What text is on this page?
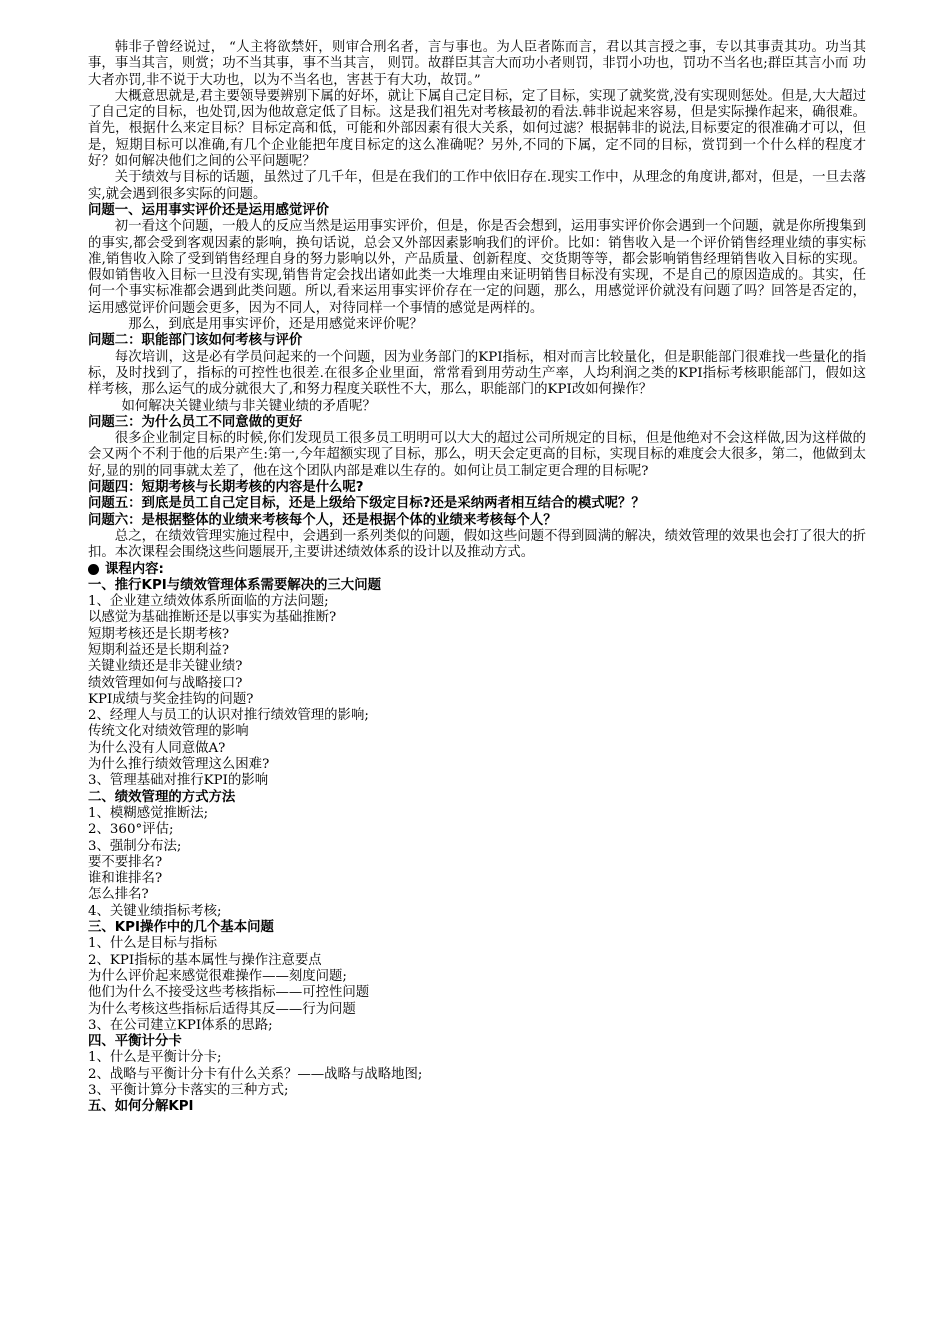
韩非子曾经说过， “人主将欲禁奸，则审合刑名者，言与事也。为人臣者陈而言，君以其言授之事，专以其事责其功。功当其事，事当其言，则赏；功不当其事，事不当其言， 则罚。故群臣其言大而功小者则罚，非罚小功也，罚功不当名也;群臣其言小而 功大者亦罚,非不说于大功也，以为不当名也，害甚于有大功，故罚。”

大概意思就是,君主要领导要辨别下属的好坏，就让下属自己定目标，定了目标，实现了就奖赏,没有实现则惩处。但是,大大超过了自己定的目标，也处罚,因为他故意定低了目标。这是我们祖先对考核最初的看法.韩非说起来容易，但是实际操作起来，确很难。首先，根据什么来定目标？目标定高和低，可能和外部因素有很大关系，如何过滤？根据韩非的说法,目标要定的很准确才可以，但是，短期目标可以准确,有几个企业能把年度目标定的这么准确呢？另外,不同的下属，定不同的目标，赏罚到一个什么样的程度才好？如何解决他们之间的公平问题呢？

关于绩效与目标的话题，虽然过了几千年，但是在我们的工作中依旧存在.现实工作中，从理念的角度讲,都对，但是，一旦去落实,就会遇到很多实际的问题。

问题一、运用事实评价还是运用感觉评价

初一看这个问题，一般人的反应当然是运用事实评价，但是，你是否会想到，运用事实评价你会遇到一个问题，就是你所搜集到的事实,都会受到客观因素的影响，换句话说，总会又外部因素影响我们的评价。比如：销售收入是一个评价销售经理业绩的事实标准,销售收入除了受到销售经理自身的努力影响以外，产品质量、创新程度、交货期等等，都会影响销售经理销售收入目标的实现。假如销售收入目标一旦没有实现,销售肯定会找出诸如此类一大堆理由来证明销售目标没有实现，不是自己的原因造成的。其实，任何一个事实标准都会遇到此类问题。所以,看来运用事实评价存在一定的问题，那么，用感觉评价就没有问题了吗？回答是否定的，运用感觉评价问题会更多，因为不同人，对待同样一个事情的感觉是两样的。

那么，到底是用事实评价，还是用感觉来评价呢？

问题二：职能部门该如何考核与评价

每次培训，这是必有学员问起来的一个问题，因为业务部门的KPI指标，相对而言比较量化，但是职能部门很难找一些量化的指标，及时找到了，指标的可控性也很差.在很多企业里面，常常看到用劳动生产率，人均利润之类的KPI指标考核职能部门，假如这样考核，那么运气的成分就很大了,和努力程度关联性不大，那么，职能部门的KPI改如何操作？

如何解决关键业绩与非关键业绩的矛盾呢？

问题三：为什么员工不同意做的更好

很多企业制定目标的时候,你们发现员工很多员工明明可以大大的超过公司所规定的目标，但是他绝对不会这样做,因为这样做的会又两个不利于他的后果产生:第一,今年超额实现了目标，那么，明天会定更高的目标，实现目标的难度会大很多，第二，他做到太好,显的别的同事就太差了，他在这个团队内部是难以生存的。如何让员工制定更合理的目标呢?

问题四：短期考核与长期考核的内容是什么呢?

问题五：到底是员工自己定目标，还是上级给下级定目标?还是采纳两者相互结合的模式呢？？

问题六：是根据整体的业绩来考核每个人，还是根据个体的业绩来考核每个人？

总之，在绩效管理实施过程中，会遇到一系列类似的问题，假如这些问题不得到圆满的解决，绩效管理的效果也会打了很大的折扣。本次课程会围绕这些问题展开,主要讲述绩效体系的设计以及推动方式。

课程内容:

一、推行KPI与绩效管理体系需要解决的三大问题

1、企业建立绩效体系所面临的方法问题;

以感觉为基础推断还是以事实为基础推断?

短期考核还是长期考核?

短期利益还是长期利益?

关键业绩还是非关键业绩?

绩效管理如何与战略接口?

KPI成绩与奖金挂钩的问题?

2、经理人与员工的认识对推行绩效管理的影响;

传统文化对绩效管理的影响

为什么没有人同意做A?

为什么推行绩效管理这么困难?

3、管理基础对推行KPI的影响

二、绩效管理的方式方法

1、模糊感觉推断法;

2、360°评估;

3、强制分布法;

要不要排名?

谁和谁排名?

怎么排名?

4、关键业绩指标考核;

三、KPI操作中的几个基本问题

1、什么是目标与指标

2、KPI指标的基本属性与操作注意要点

为什么评价起来感觉很难操作——刻度问题;

他们为什么不接受这些考核指标——可控性问题

为什么考核这些指标后适得其反——行为问题

3、在公司建立KPI体系的思路;

四、平衡计分卡

1、什么是平衡计分卡;

2、战略与平衡计分卡有什么关系？——战略与战略地图;

3、平衡计算分卡落实的三种方式;

五、如何分解KPI
